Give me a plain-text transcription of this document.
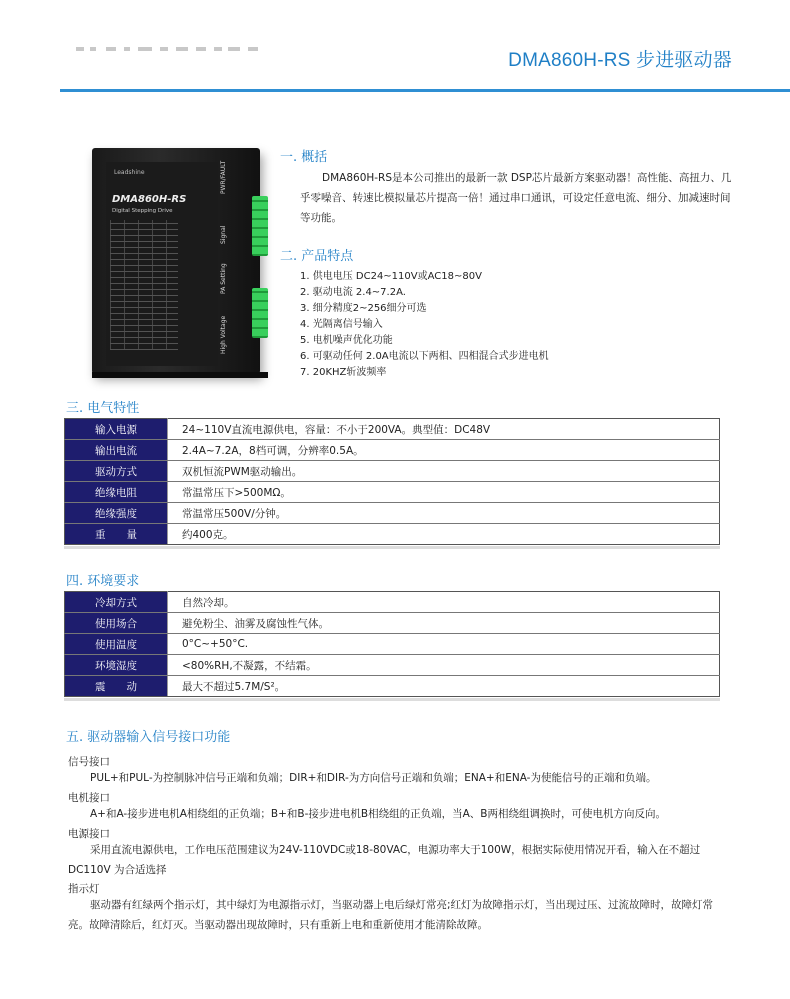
DMA860H-RS 步进驱动器
Leadshine
DMA860H-RS
Digital Stepping Drive
PWR/FAULT
Signal
PA Setting
High Voltage
一. 概括

DMA860H-RS是本公司推出的最新一款 DSP芯片最新方案驱动器！高性能、高扭力、几乎零噪音、转速比模拟量芯片提高一倍！通过串口通讯，可设定任意电流、细分、加减速时间等功能。

二. 产品特点
1. 供电电压 DC24~110V或AC18~80V
2. 驱动电流 2.4~7.2A.
3. 细分精度2~256细分可选
4. 光隔离信号输入
5. 电机噪声优化功能
6. 可驱动任何 2.0A电流以下两相、四相混合式步进电机
7. 20KHZ斩波频率
三. 电气特性
输入电源	24~110V直流电源供电，容量：不小于200VA。典型值：DC48V
输出电流	2.4A~7.2A，8档可调，分辨率0.5A。
驱动方式	双机恒流PWM驱动输出。
绝缘电阻	常温常压下>500MΩ。
绝缘强度	常温常压500V/分钟。
重　　量	约400克。
四. 环境要求
冷却方式	自然冷却。
使用场合	避免粉尘、油雾及腐蚀性气体。
使用温度	0°C~+50°C.
环境湿度	<80%RH,不凝露，不结霜。
震　　动	最大不超过5.7M/S²。
五. 驱动器输入信号接口功能
信号接口

PUL+和PUL-为控制脉冲信号正端和负端；DIR+和DIR-为方向信号正端和负端；ENA+和ENA-为使能信号的正端和负端。

电机接口

A+和A-接步进电机A相绕组的正负端；B+和B-接步进电机B相绕组的正负端，当A、B两相绕组调换时，可使电机方向反向。

电源接口

采用直流电源供电，工作电压范围建议为24V-110VDC或18-80VAC，电源功率大于100W，根据实际使用情况开看，输入在不超过DC110V 为合适选择

指示灯

驱动器有红绿两个指示灯，其中绿灯为电源指示灯，当驱动器上电后绿灯常亮;红灯为故障指示灯，当出现过压、过流故障时，故障灯常亮。故障清除后，红灯灭。当驱动器出现故障时，只有重新上电和重新使用才能清除故障。
